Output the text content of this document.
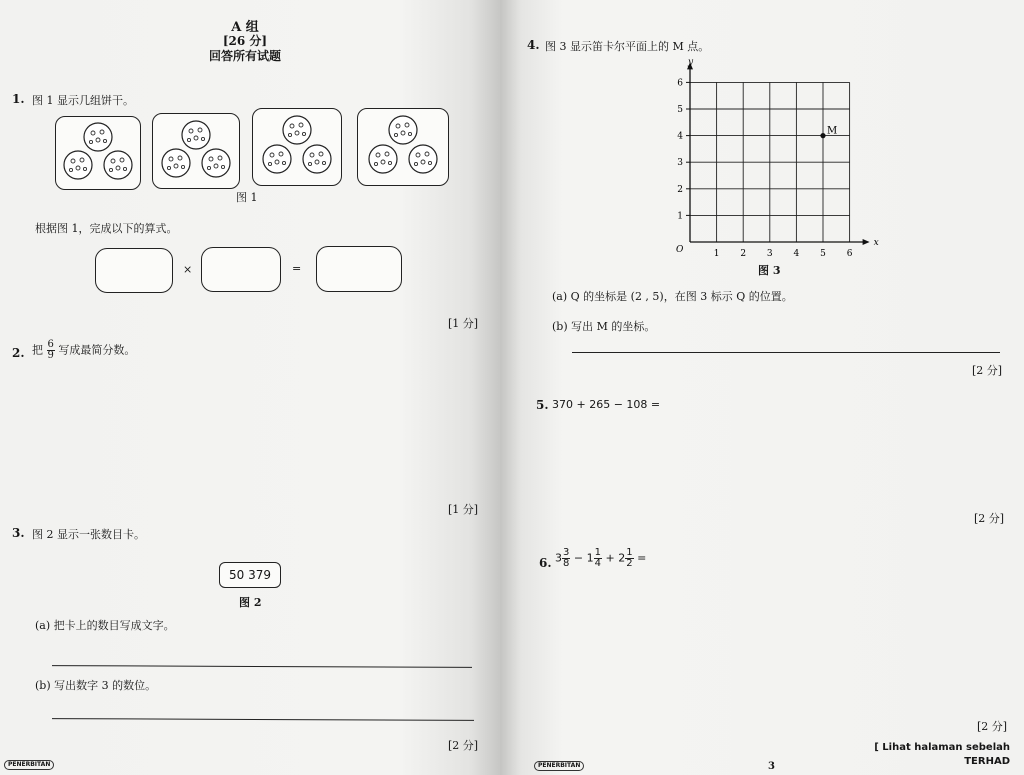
A 组
[26 分]
回答所有试题
1. 图 1 显示几组饼干。
图 1
根据图 1，完成以下的算式。
×	=
[1 分]
2. 把 $\frac{6}{9}$ 写成最简分数。
[1 分]
3. 图 2 显示一张数目卡。
50 379
图 2
(a) 把卡上的数目写成文字。
(b) 写出数字 3 的数位。
[2 分]
PENERBITAN
4. 图 3 显示笛卡尔平面上的 M 点。
1 2 3 4 5 6
1
2
3
4
5
6
O
x
y
M
图 3
(a) Q 的坐标是 (2 , 5)，在图 3 标示 Q 的位置。
(b) 写出 M 的坐标。
[2 分]
5. 370 + 265 − 108 =
[2 分]
6. $3 \frac{3}{8} - 1 \frac{1}{4} + 2 \frac{1}{2}$ =
[2 分]
[ Lihat halaman sebelah
TERHAD
3
PENERBITAN
